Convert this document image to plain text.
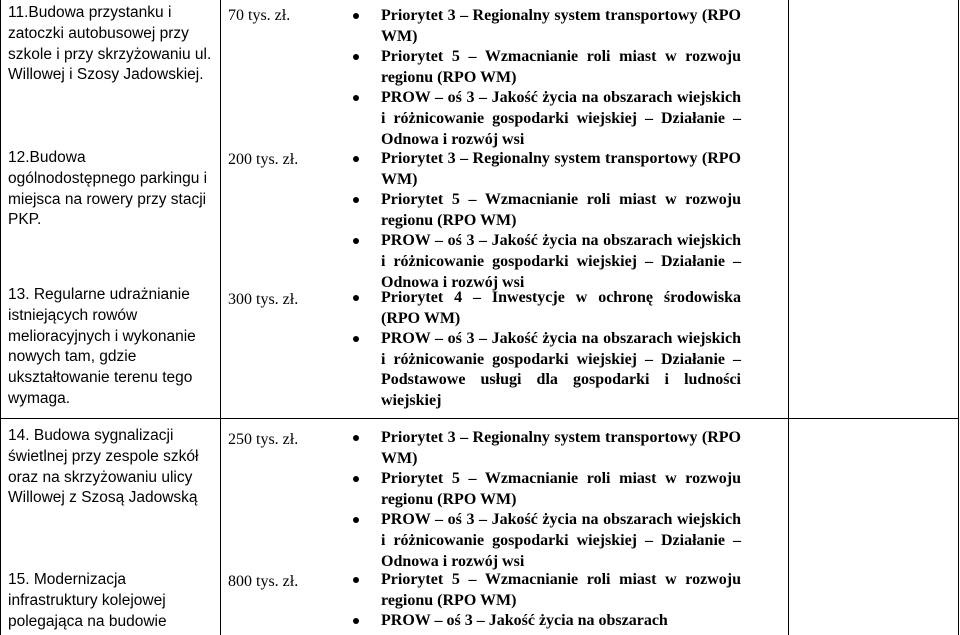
11.Budowa przystanku i zatoczki autobusowej przy szkole i przy skrzyżowaniu ul. Willowej i Szosy Jadowskiej.
70 tys. zł.	Priorytet 3 – Regionalny system transportowy (RPO WM)

Priorytet 5 – Wzmacnianie roli miast w rozwoju regionu (RPO WM)

PROW – oś 3 – Jakość życia na obszarach wiejskich i różnicowanie gospodarki wiejskiej – Działanie – Odnowa i rozwój wsi

12.Budowa ogólnodostępnego parkingu i miejsca na rowery przy stacji PKP.
200 tys. zł.	Priorytet 3 – Regionalny system transportowy (RPO WM)

Priorytet 5 – Wzmacnianie roli miast w rozwoju regionu (RPO WM)

PROW – oś 3 – Jakość życia na obszarach wiejskich i różnicowanie gospodarki wiejskiej – Działanie – Odnowa i rozwój wsi

13. Regularne udrażnianie istniejących rowów melioracyjnych i wykonanie nowych tam, gdzie ukształtowanie terenu tego wymaga.
300 tys. zł.	Priorytet 4 – Inwestycje w ochronę środowiska (RPO WM)

PROW – oś 3 – Jakość życia na obszarach wiejskich i różnicowanie gospodarki wiejskiej – Działanie – Podstawowe usługi dla gospodarki i ludności wiejskiej

14. Budowa sygnalizacji świetlnej przy zespole szkół oraz na skrzyżowaniu ulicy Willowej z Szosą Jadowską
250 tys. zł.	Priorytet 3 – Regionalny system transportowy (RPO WM)

Priorytet 5 – Wzmacnianie roli miast w rozwoju regionu (RPO WM)

PROW – oś 3 – Jakość życia na obszarach wiejskich i różnicowanie gospodarki wiejskiej – Działanie – Odnowa i rozwój wsi

15. Modernizacja infrastruktury kolejowej polegająca na budowie
800 tys. zł.	Priorytet 5 – Wzmacnianie roli miast w rozwoju regionu (RPO WM)

PROW – oś 3 – Jakość życia na obszarach
